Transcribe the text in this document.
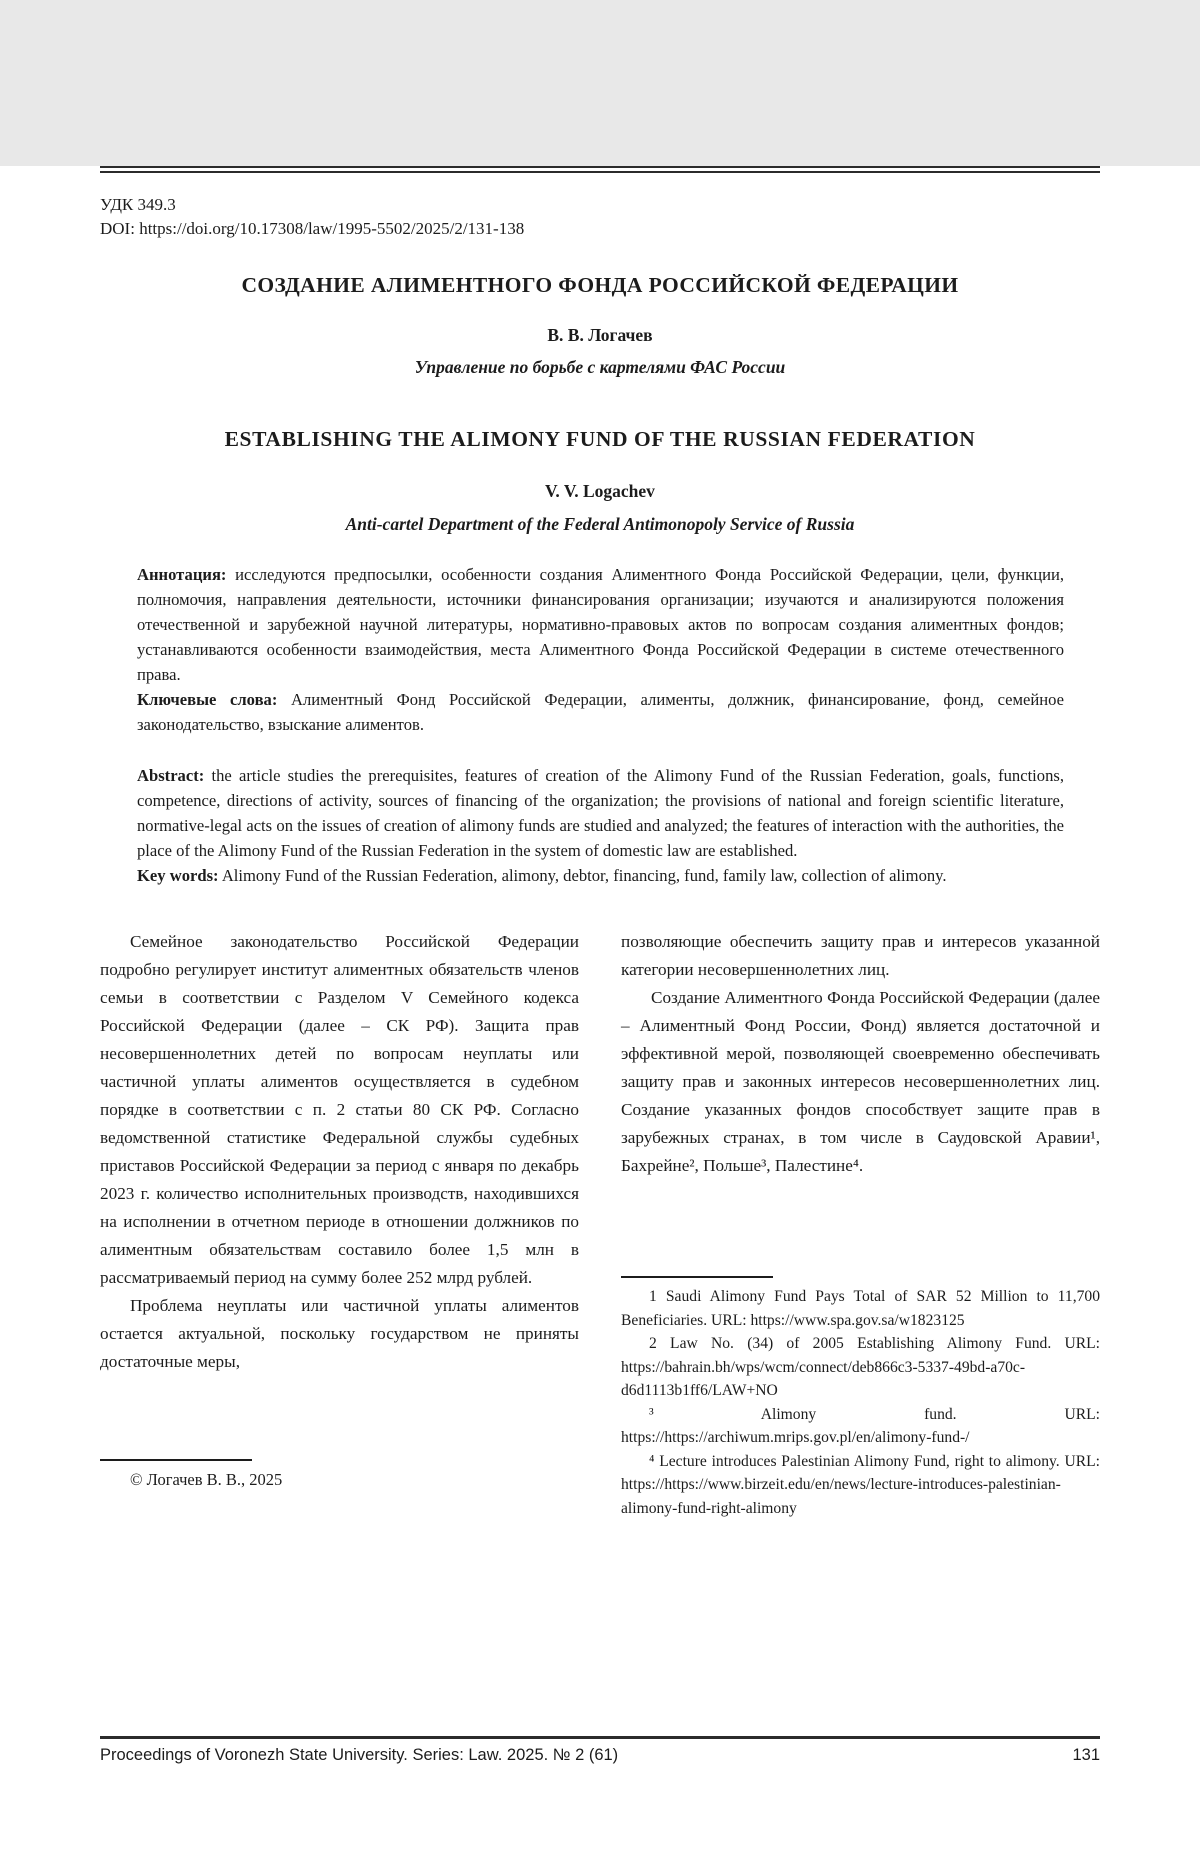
УДК 349.3

DOI: https://doi.org/10.17308/law/1995-5502/2025/2/131-138

СОЗДАНИЕ АЛИМЕНТНОГО ФОНДА РОССИЙСКОЙ ФЕДЕРАЦИИ

В. В. Логачев

Управление по борьбе с картелями ФАС России

ESTABLISHING THE ALIMONY FUND OF THE RUSSIAN FEDERATION

V. V. Logachev

Anti-cartel Department of the Federal Antimonopoly Service of Russia

Аннотация: исследуются предпосылки, особенности создания Алиментного Фонда Российской Федерации, цели, функции, полномочия, направления деятельности, источники финансирования организации; изучаются и анализируются положения отечественной и зарубежной научной литературы, нормативно-правовых актов по вопросам создания алиментных фондов; устанавливаются особенности взаимодействия, места Алиментного Фонда Российской Федерации в системе отечественного права.

Ключевые слова: Алиментный Фонд Российской Федерации, алименты, должник, финансирование, фонд, семейное законодательство, взыскание алиментов.

Abstract: the article studies the prerequisites, features of creation of the Alimony Fund of the Russian Federation, goals, functions, competence, directions of activity, sources of financing of the organization; the provisions of national and foreign scientific literature, normative-legal acts on the issues of creation of alimony funds are studied and analyzed; the features of interaction with the authorities, the place of the Alimony Fund of the Russian Federation in the system of domestic law are established.

Key words: Alimony Fund of the Russian Federation, alimony, debtor, financing, fund, family law, collection of alimony.

Семейное законодательство Российской Федерации подробно регулирует институт алиментных обязательств членов семьи в соответствии с Разделом V Семейного кодекса Российской Федерации (далее – СК РФ). Защита прав несовершеннолетних детей по вопросам неуплаты или частичной уплаты алиментов осуществляется в судебном порядке в соответствии с п. 2 статьи 80 СК РФ. Согласно ведомственной статистике Федеральной службы судебных приставов Российской Федерации за период с января по декабрь 2023 г. количество исполнительных производств, находившихся на исполнении в отчетном периоде в отношении должников по алиментным обязательствам составило более 1,5 млн в рассматриваемый период на сумму более 252 млрд рублей.

Проблема неуплаты или частичной уплаты алиментов остается актуальной, поскольку государством не приняты достаточные меры,

© Логачев В. В., 2025

позволяющие обеспечить защиту прав и интересов указанной категории несовершеннолетних лиц.

Создание Алиментного Фонда Российской Федерации (далее – Алиментный Фонд России, Фонд) является достаточной и эффективной мерой, позволяющей своевременно обеспечивать защиту прав и законных интересов несовершеннолетних лиц. Создание указанных фондов способствует защите прав в зарубежных странах, в том числе в Саудовской Аравии¹, Бахрейне², Польше³, Палестине⁴.

1 Saudi Alimony Fund Pays Total of SAR 52 Million to 11,700 Beneficiaries. URL: https://www.spa.gov.sa/w1823125

2 Law No. (34) of 2005 Establishing Alimony Fund. URL: https://bahrain.bh/wps/wcm/connect/deb866c3-5337-49bd-a70c-d6d1113b1ff6/LAW+NO

³ Alimony fund. URL: https://https://archiwum.mrips.gov.pl/en/alimony-fund-/

⁴ Lecture introduces Palestinian Alimony Fund, right to alimony. URL: https://https://www.birzeit.edu/en/news/lecture-introduces-palestinian-alimony-fund-right-alimony

Proceedings of Voronezh State University. Series: Law. 2025. № 2 (61)	131
